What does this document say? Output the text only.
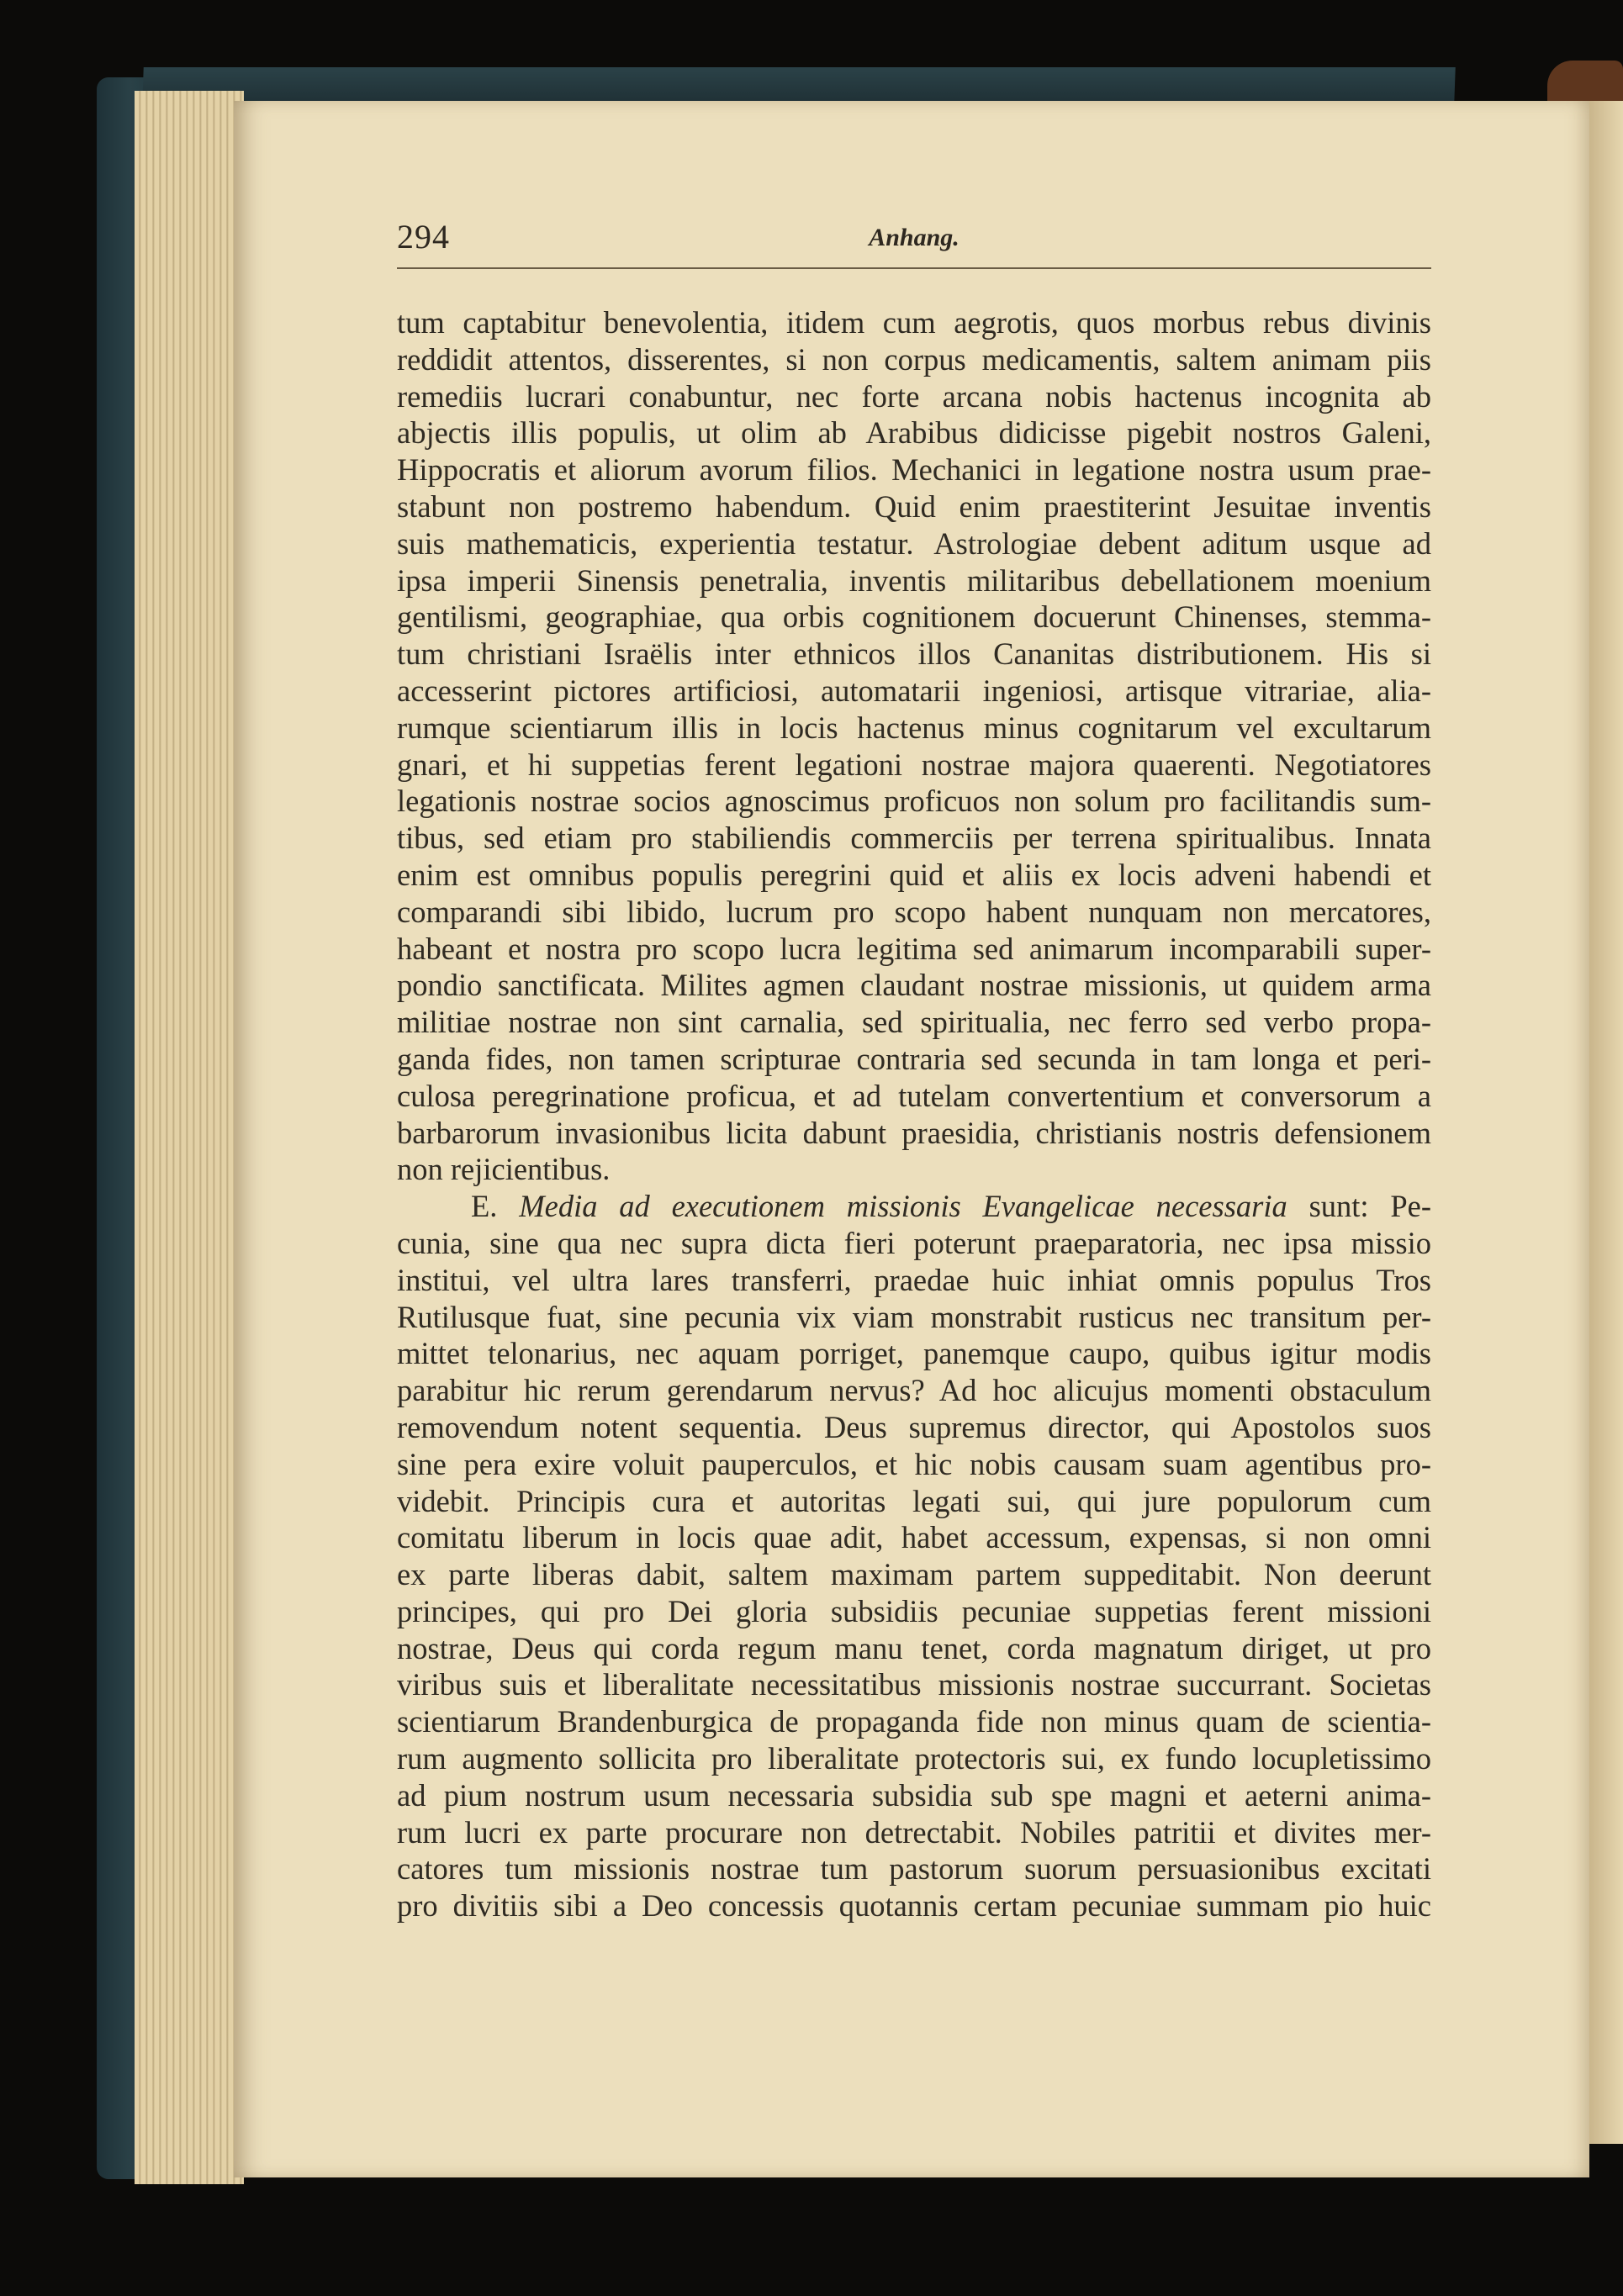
294	Anhang.
tum captabitur benevolentia, itidem cum aegrotis, quos morbus rebus divinis
reddidit attentos, disserentes, si non corpus medicamentis, saltem animam piis
remediis lucrari conabuntur, nec forte arcana nobis hactenus incognita ab
abjectis illis populis, ut olim ab Arabibus didicisse pigebit nostros Galeni,
Hippocratis et aliorum avorum filios. Mechanici in legatione nostra usum prae-
stabunt non postremo habendum. Quid enim praestiterint Jesuitae inventis
suis mathematicis, experientia testatur. Astrologiae debent aditum usque ad
ipsa imperii Sinensis penetralia, inventis militaribus debellationem moenium
gentilismi, geographiae, qua orbis cognitionem docuerunt Chinenses, stemma-
tum christiani Israëlis inter ethnicos illos Cananitas distributionem. His si
accesserint pictores artificiosi, automatarii ingeniosi, artisque vitrariae, alia-
rumque scientiarum illis in locis hactenus minus cognitarum vel excultarum
gnari, et hi suppetias ferent legationi nostrae majora quaerenti. Negotiatores
legationis nostrae socios agnoscimus proficuos non solum pro facilitandis sum-
tibus, sed etiam pro stabiliendis commerciis per terrena spiritualibus. Innata
enim est omnibus populis peregrini quid et aliis ex locis adveni habendi et
comparandi sibi libido, lucrum pro scopo habent nunquam non mercatores,
habeant et nostra pro scopo lucra legitima sed animarum incomparabili super-
pondio sanctificata. Milites agmen claudant nostrae missionis, ut quidem arma
militiae nostrae non sint carnalia, sed spiritualia, nec ferro sed verbo propa-
ganda fides, non tamen scripturae contraria sed secunda in tam longa et peri-
culosa peregrinatione proficua, et ad tutelam convertentium et conversorum a
barbarorum invasionibus licita dabunt praesidia, christianis nostris defensionem
non rejicientibus.
E. Media ad executionem missionis Evangelicae necessaria sunt: Pe-
cunia, sine qua nec supra dicta fieri poterunt praeparatoria, nec ipsa missio
institui, vel ultra lares transferri, praedae huic inhiat omnis populus Tros
Rutilusque fuat, sine pecunia vix viam monstrabit rusticus nec transitum per-
mittet telonarius, nec aquam porriget, panemque caupo, quibus igitur modis
parabitur hic rerum gerendarum nervus? Ad hoc alicujus momenti obstaculum
removendum notent sequentia. Deus supremus director, qui Apostolos suos
sine pera exire voluit pauperculos, et hic nobis causam suam agentibus pro-
videbit. Principis cura et autoritas legati sui, qui jure populorum cum
comitatu liberum in locis quae adit, habet accessum, expensas, si non omni
ex parte liberas dabit, saltem maximam partem suppeditabit. Non deerunt
principes, qui pro Dei gloria subsidiis pecuniae suppetias ferent missioni
nostrae, Deus qui corda regum manu tenet, corda magnatum diriget, ut pro
viribus suis et liberalitate necessitatibus missionis nostrae succurrant. Societas
scientiarum Brandenburgica de propaganda fide non minus quam de scientia-
rum augmento sollicita pro liberalitate protectoris sui, ex fundo locupletissimo
ad pium nostrum usum necessaria subsidia sub spe magni et aeterni anima-
rum lucri ex parte procurare non detrectabit. Nobiles patritii et divites mer-
catores tum missionis nostrae tum pastorum suorum persuasionibus excitati
pro divitiis sibi a Deo concessis quotannis certam pecuniae summam pio huic
